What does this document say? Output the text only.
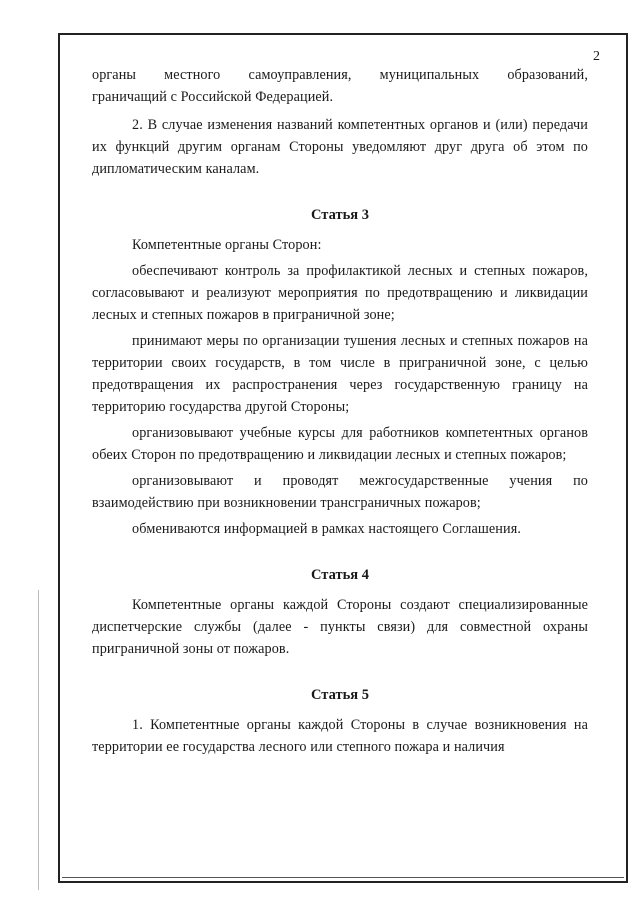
2

органы местного самоуправления, муниципальных образований,

граничащий с Российской Федерацией.

2. В случае изменения названий компетентных органов и (или) передачи их функций другим органам Стороны уведомляют друг друга об этом по дипломатическим каналам.

Статья 3

Компетентные органы Сторон:

обеспечивают контроль за профилактикой лесных и степных пожаров, согласовывают и реализуют мероприятия по предотвращению и ликвидации лесных и степных пожаров в приграничной зоне;

принимают меры по организации тушения лесных и степных пожаров на территории своих государств, в том числе в приграничной зоне, с целью предотвращения их распространения через государственную границу на территорию государства другой Стороны;

организовывают учебные курсы для работников компетентных органов обеих Сторон по предотвращению и ликвидации лесных и степных пожаров;

организовывают и проводят межгосударственные учения по взаимодействию при возникновении трансграничных пожаров;

обмениваются информацией в рамках настоящего Соглашения.

Статья 4

Компетентные органы каждой Стороны создают специализированные диспетчерские службы (далее - пункты связи) для совместной охраны приграничной зоны от пожаров.

Статья 5

1. Компетентные органы каждой Стороны в случае возникновения на территории ее государства лесного или степного пожара и наличия
